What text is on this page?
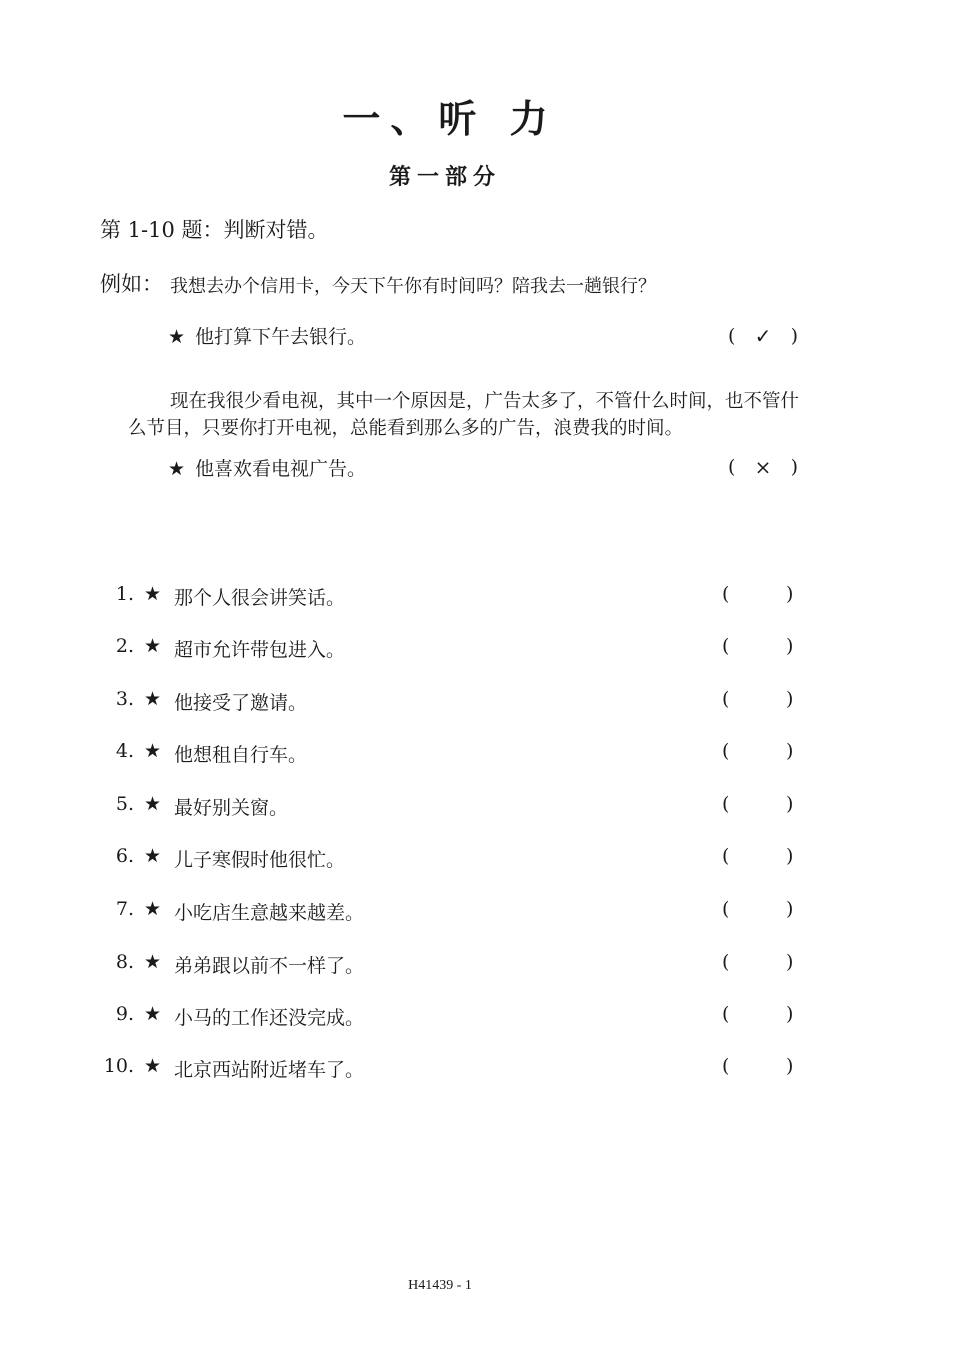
一、听 力
第一部分
第 1-10 题：判断对错。
例如： 我想去办个信用卡，今天下午你有时间吗？陪我去一趟银行？
★ 他打算下午去银行。	( ✓ )
现在我很少看电视，其中一个原因是，广告太多了，不管什么时间，也不管什么节目，只要你打开电视，总能看到那么多的广告，浪费我的时间。
★ 他喜欢看电视广告。	( × )
1. ★ 那个人很会讲笑话。	(	)
2. ★ 超市允许带包进入。	(	)
3. ★ 他接受了邀请。	(	)
4. ★ 他想租自行车。	(	)
5. ★ 最好别关窗。	(	)
6. ★ 儿子寒假时他很忙。	(	)
7. ★ 小吃店生意越来越差。	(	)
8. ★ 弟弟跟以前不一样了。	(	)
9. ★ 小马的工作还没完成。	(	)
10. ★ 北京西站附近堵车了。	(	)
H41439 - 1
